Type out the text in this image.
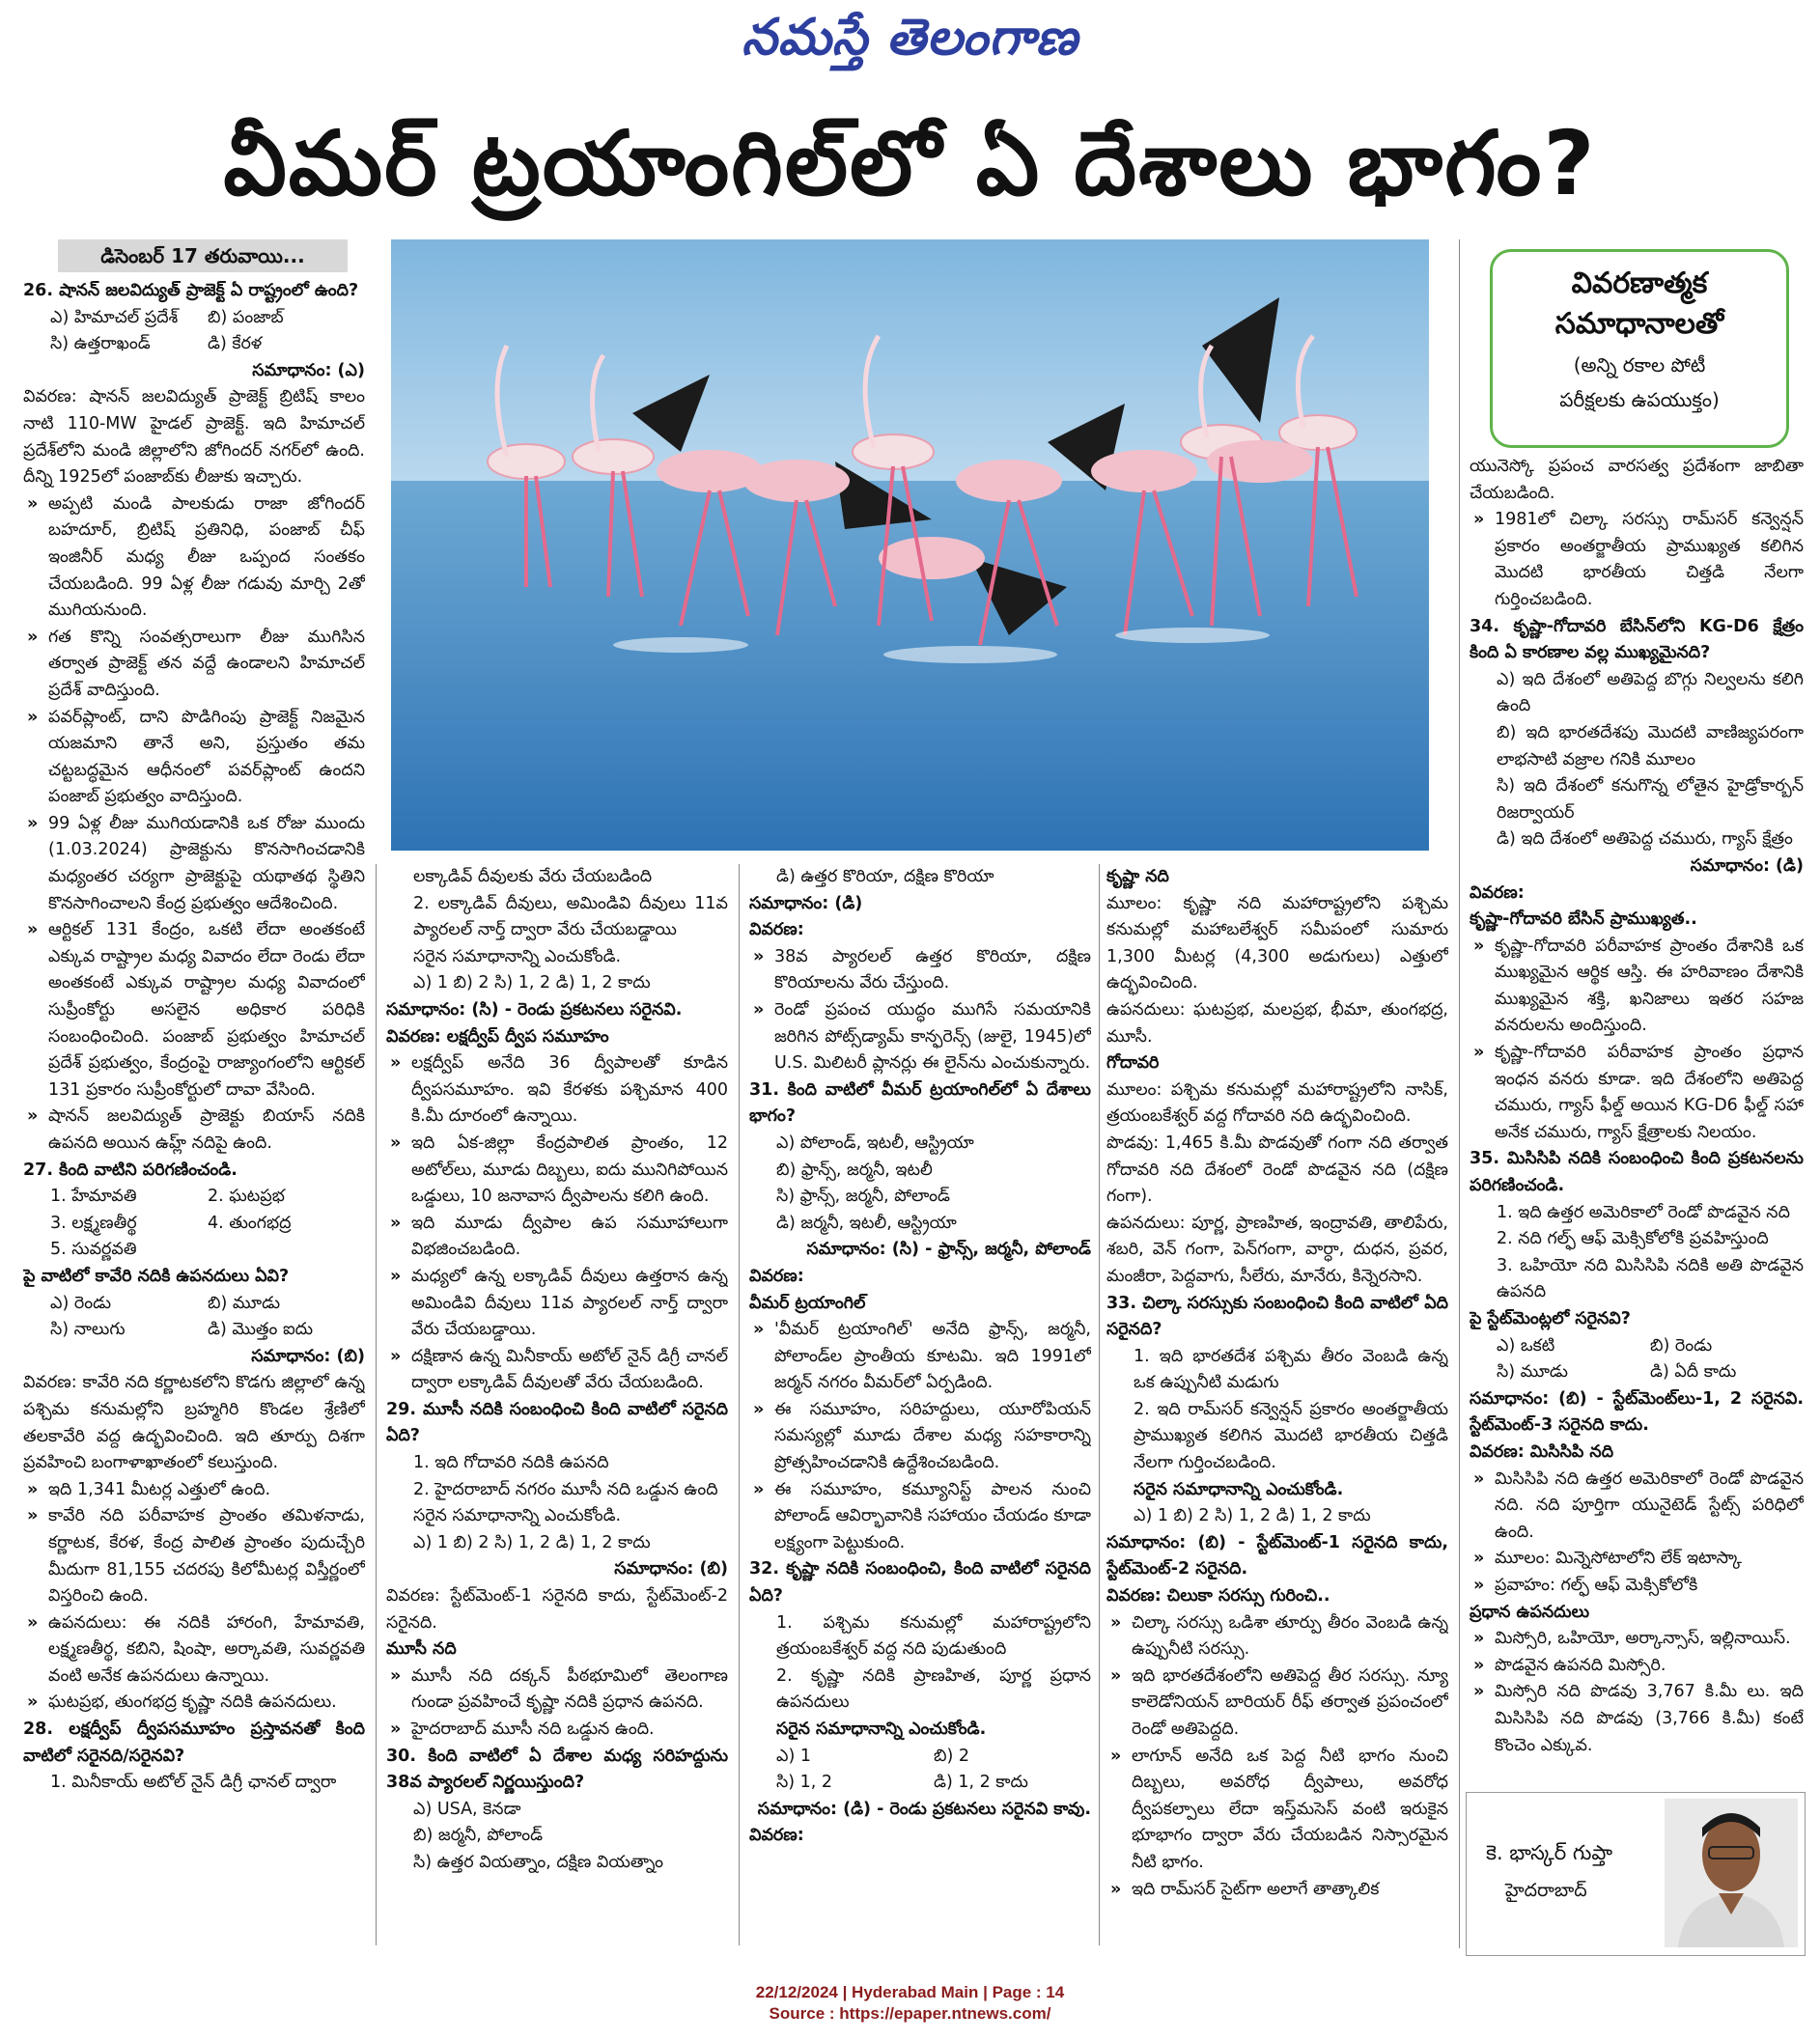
నమస్తే తెలంగాణ
వీమర్ ట్రయాంగిల్‌లో ఏ దేశాలు భాగం?
డిసెంబర్ 17 తరువాయి...

26. షానన్ జలవిద్యుత్ ప్రాజెక్ట్ ఏ రాష్ట్రంలో ఉంది?

ఎ) హిమాచల్ ప్రదేశ్	బి) పంజాబ్
సి) ఉత్తరాఖండ్	డి) కేరళ

సమాధానం: (ఎ)

వివరణ: షానన్ జలవిద్యుత్ ప్రాజెక్ట్ బ్రిటిష్ కాలం నాటి 110-MW హైడల్ ప్రాజెక్ట్. ఇది హిమాచల్ ప్రదేశ్‌లోని మండి జిల్లాలోని జోగిందర్ నగర్‌లో ఉంది. దీన్ని 1925లో పంజాబ్‌కు లీజుకు ఇచ్చారు.

» అప్పటి మండి పాలకుడు రాజా జోగిందర్ బహదూర్, బ్రిటిష్ ప్రతినిధి, పంజాబ్ చీఫ్ ఇంజినీర్ మధ్య లీజు ఒప్పంద సంతకం చేయబడింది. 99 ఏళ్ల లీజు గడువు మార్చి 2తో ముగియనుంది.

» గత కొన్ని సంవత్సరాలుగా లీజు ముగిసిన తర్వాత ప్రాజెక్ట్ తన వద్దే ఉండాలని హిమాచల్ ప్రదేశ్ వాదిస్తుంది.

» పవర్‌ప్లాంట్, దాని పొడిగింపు ప్రాజెక్ట్ నిజమైన యజమాని తానే అని, ప్రస్తుతం తమ చట్టబద్ధమైన ఆధీనంలో పవర్‌ప్లాంట్ ఉందని పంజాబ్ ప్రభుత్వం వాదిస్తుంది.

» 99 ఏళ్ల లీజు ముగియడానికి ఒక రోజు ముందు (1.03.2024) ప్రాజెక్టును కొనసాగించడానికి మధ్యంతర చర్యగా ప్రాజెక్టుపై యథాతథ స్థితిని కొనసాగించాలని కేంద్ర ప్రభుత్వం ఆదేశించింది.

» ఆర్టికల్ 131 కేంద్రం, ఒకటి లేదా అంతకంటే ఎక్కువ రాష్ట్రాల మధ్య వివాదం లేదా రెండు లేదా అంతకంటే ఎక్కువ రాష్ట్రాల మధ్య వివాదంలో సుప్రీంకోర్టు అసలైన అధికార పరిధికి సంబంధించింది. పంజాబ్ ప్రభుత్వం హిమాచల్ ప్రదేశ్ ప్రభుత్వం, కేంద్రంపై రాజ్యాంగంలోని ఆర్టికల్ 131 ప్రకారం సుప్రీంకోర్టులో దావా వేసింది.

» షానన్ జలవిద్యుత్ ప్రాజెక్టు బియాస్ నదికి ఉపనది అయిన ఉహ్ల్ నదిపై ఉంది.

27. కింది వాటిని పరిగణించండి.

1. హేమావతి	2. ఘటప్రభ
3. లక్ష్మణతీర్థ	4. తుంగభద్ర

5. సువర్ణవతి

పై వాటిలో కావేరి నదికి ఉపనదులు ఏవి?

ఎ) రెండు	బి) మూడు
సి) నాలుగు	డి) మొత్తం ఐదు

సమాధానం: (బి)

వివరణ: కావేరి నది కర్ణాటకలోని కొడగు జిల్లాలో ఉన్న పశ్చిమ కనుమల్లోని బ్రహ్మగిరి కొండల శ్రేణిలో తలకావేరి వద్ద ఉద్భవించింది. ఇది తూర్పు దిశగా ప్రవహించి బంగాళాఖాతంలో కలుస్తుంది.

» ఇది 1,341 మీటర్ల ఎత్తులో ఉంది.

» కావేరి నది పరీవాహక ప్రాంతం తమిళనాడు, కర్ణాటక, కేరళ, కేంద్ర పాలిత ప్రాంతం పుదుచ్చేరి మీదుగా 81,155 చదరపు కిలోమీటర్ల విస్తీర్ణంలో విస్తరించి ఉంది.

» ఉపనదులు: ఈ నదికి హారంగి, హేమావతి, లక్ష్మణతీర్థ, కబిని, షింషా, అర్కావతి, సువర్ణవతి వంటి అనేక ఉపనదులు ఉన్నాయి.

» ఘటప్రభ, తుంగభద్ర కృష్ణా నదికి ఉపనదులు.

28. లక్షద్వీప్ ద్వీపసమూహం ప్రస్తావనతో కింది వాటిలో సరైనది/సరైనవి?

1. మినీకాయ్ అటోల్ నైన్ డిగ్రీ ఛానల్ ద్వారా

వివరణాత్మక
సమాధానాలతో
(అన్ని రకాల పోటీ
పరీక్షలకు ఉపయుక్తం)

లక్కాడివ్ దీవులకు వేరు చేయబడింది

2. లక్కాడివ్ దీవులు, అమిండివి దీవులు 11వ ప్యారలల్ నార్త్ ద్వారా వేరు చేయబడ్డాయి

సరైన సమాధానాన్ని ఎంచుకోండి.

ఎ) 1 బి) 2 సి) 1, 2 డి) 1, 2 కాదు

సమాధానం: (సి) - రెండు ప్రకటనలు సరైనవి.

వివరణ: లక్షద్వీప్ ద్వీప సమూహం

» లక్షద్వీప్ అనేది 36 ద్వీపాలతో కూడిన ద్వీపసమూహం. ఇవి కేరళకు పశ్చిమాన 400 కి.మీ దూరంలో ఉన్నాయి.

» ఇది ఏక-జిల్లా కేంద్రపాలిత ప్రాంతం, 12 అటోల్‌లు, మూడు దిబ్బలు, ఐదు మునిగిపోయిన ఒడ్డులు, 10 జనావాస ద్వీపాలను కలిగి ఉంది.

» ఇది మూడు ద్వీపాల ఉప సమూహాలుగా విభజించబడింది.

» మధ్యలో ఉన్న లక్కాడివ్ దీవులు ఉత్తరాన ఉన్న అమిండివి దీవులు 11వ ప్యారలల్ నార్త్ ద్వారా వేరు చేయబడ్డాయి.

» దక్షిణాన ఉన్న మినీకాయ్ అటోల్ నైన్ డిగ్రీ చానల్ ద్వారా లక్కాడివ్ దీవులతో వేరు చేయబడింది.

29. మూసీ నదికి సంబంధించి కింది వాటిలో సరైనది ఏది?

1. ఇది గోదావరి నదికి ఉపనది

2. హైదరాబాద్ నగరం మూసీ నది ఒడ్డున ఉంది

సరైన సమాధానాన్ని ఎంచుకోండి.

ఎ) 1 బి) 2 సి) 1, 2 డి) 1, 2 కాదు

సమాధానం: (బి)

వివరణ: స్టేట్‌మెంట్-1 సరైనది కాదు, స్టేట్‌మెంట్-2 సరైనది.

మూసీ నది

» మూసీ నది దక్కన్ పీఠభూమిలో తెలంగాణ గుండా ప్రవహించే కృష్ణా నదికి ప్రధాన ఉపనది.

» హైదరాబాద్ మూసీ నది ఒడ్డున ఉంది.

30. కింది వాటిలో ఏ దేశాల మధ్య సరిహద్దును 38వ ప్యారలల్ నిర్ణయిస్తుంది?

ఎ) USA, కెనడా

బి) జర్మనీ, పోలాండ్

సి) ఉత్తర వియత్నాం, దక్షిణ వియత్నాం

డి) ఉత్తర కొరియా, దక్షిణ కొరియా

సమాధానం: (డి)

వివరణ:

» 38వ ప్యారలల్ ఉత్తర కొరియా, దక్షిణ కొరియాలను వేరు చేస్తుంది.

» రెండో ప్రపంచ యుద్ధం ముగిసే సమయానికి జరిగిన పోట్స్‌డ్యామ్ కాన్ఫరెన్స్ (జులై, 1945)లో U.S. మిలిటరీ ప్లానర్లు ఈ లైన్‌ను ఎంచుకున్నారు.

31. కింది వాటిలో వీమర్ ట్రయాంగిల్‌లో ఏ దేశాలు భాగం?

ఎ) పోలాండ్, ఇటలీ, ఆస్ట్రియా

బి) ఫ్రాన్స్, జర్మనీ, ఇటలీ

సి) ఫ్రాన్స్, జర్మనీ, పోలాండ్

డి) జర్మనీ, ఇటలీ, ఆస్ట్రియా

సమాధానం: (సి) - ఫ్రాన్స్, జర్మనీ, పోలాండ్

వివరణ:

వీమర్ ట్రయాంగిల్

» 'వీమర్ ట్రయాంగిల్' అనేది ఫ్రాన్స్, జర్మనీ, పోలాండ్‌ల ప్రాంతీయ కూటమి. ఇది 1991లో జర్మన్ నగరం వీమర్‌లో ఏర్పడింది.

» ఈ సమూహం, సరిహద్దులు, యూరోపియన్ సమస్యల్లో మూడు దేశాల మధ్య సహకారాన్ని ప్రోత్సహించడానికి ఉద్దేశించబడింది.

» ఈ సమూహం, కమ్యూనిస్ట్ పాలన నుంచి పోలాండ్ ఆవిర్భావానికి సహాయం చేయడం కూడా లక్ష్యంగా పెట్టుకుంది.

32. కృష్ణా నదికి సంబంధించి, కింది వాటిలో సరైనది ఏది?

1. పశ్చిమ కనుమల్లో మహారాష్ట్రలోని త్రయంబకేశ్వర్ వద్ద నది పుడుతుంది

2. కృష్ణా నదికి ప్రాణహిత, పూర్ణ ప్రధాన ఉపనదులు

సరైన సమాధానాన్ని ఎంచుకోండి.

ఎ) 1	బి) 2
సి) 1, 2	డి) 1, 2 కాదు

సమాధానం: (డి) - రెండు ప్రకటనలు సరైనవి కావు.

వివరణ:

కృష్ణా నది

మూలం: కృష్ణా నది మహారాష్ట్రలోని పశ్చిమ కనుమల్లో మహాబలేశ్వర్ సమీపంలో సుమారు 1,300 మీటర్ల (4,300 అడుగులు) ఎత్తులో ఉద్భవించింది.

ఉపనదులు: ఘటప్రభ, మలప్రభ, భీమా, తుంగభద్ర, మూసీ.

గోదావరి

మూలం: పశ్చిమ కనుమల్లో మహారాష్ట్రలోని నాసిక్, త్రయంబకేశ్వర్ వద్ద గోదావరి నది ఉద్భవించింది.

పొడవు: 1,465 కి.మీ పొడవుతో గంగా నది తర్వాత గోదావరి నది దేశంలో రెండో పొడవైన నది (దక్షిణ గంగా).

ఉపనదులు: పూర్ణ, ప్రాణహిత, ఇంద్రావతి, తాలిపేరు, శబరి, వెన్ గంగా, పెన్‌గంగా, వార్ధా, దుధన, ప్రవర, మంజీరా, పెద్దవాగు, సీలేరు, మానేరు, కిన్నెరసాని.

33. చిల్కా సరస్సుకు సంబంధించి కింది వాటిలో ఏది సరైనది?

1. ఇది భారతదేశ పశ్చిమ తీరం వెంబడి ఉన్న ఒక ఉప్పునీటి మడుగు

2. ఇది రామ్‌సర్ కన్వెన్షన్ ప్రకారం అంతర్జాతీయ ప్రాముఖ్యత కలిగిన మొదటి భారతీయ చిత్తడి నేలగా గుర్తించబడింది.

సరైన సమాధానాన్ని ఎంచుకోండి.

ఎ) 1 బి) 2 సి) 1, 2 డి) 1, 2 కాదు

సమాధానం: (బి) - స్టేట్‌మెంట్-1 సరైనది కాదు, స్టేట్‌మెంట్-2 సరైనది.

వివరణ: చిలుకా సరస్సు గురించి..

» చిల్కా సరస్సు ఒడిశా తూర్పు తీరం వెంబడి ఉన్న ఉప్పునీటి సరస్సు.

» ఇది భారతదేశంలోని అతిపెద్ద తీర సరస్సు. న్యూ కాలెడోనియన్ బారియర్ రీఫ్ తర్వాత ప్రపంచంలో రెండో అతిపెద్దది.

» లాగూన్ అనేది ఒక పెద్ద నీటి భాగం నుంచి దిబ్బలు, అవరోధ ద్వీపాలు, అవరోధ ద్వీపకల్పాలు లేదా ఇస్త్‌మసెస్ వంటి ఇరుకైన భూభాగం ద్వారా వేరు చేయబడిన నిస్సారమైన నీటి భాగం.

» ఇది రామ్‌సర్ సైట్‌గా అలాగే తాత్కాలిక

యునెస్కో ప్రపంచ వారసత్వ ప్రదేశంగా జాబితా చేయబడింది.

» 1981లో చిల్కా సరస్సు రామ్‌సర్ కన్వెన్షన్ ప్రకారం అంతర్జాతీయ ప్రాముఖ్యత కలిగిన మొదటి భారతీయ చిత్తడి నేలగా గుర్తించబడింది.

34. కృష్ణా-గోదావరి బేసిన్‌లోని KG-D6 క్షేత్రం కింది ఏ కారణాల వల్ల ముఖ్యమైనది?

ఎ) ఇది దేశంలో అతిపెద్ద బొగ్గు నిల్వలను కలిగి ఉంది

బి) ఇది భారతదేశపు మొదటి వాణిజ్యపరంగా లాభసాటి వజ్రాల గనికి మూలం

సి) ఇది దేశంలో కనుగొన్న లోతైన హైడ్రోకార్బన్ రిజర్వాయర్

డి) ఇది దేశంలో అతిపెద్ద చమురు, గ్యాస్ క్షేత్రం

సమాధానం: (డి)

వివరణ:

కృష్ణా-గోదావరి బేసిన్ ప్రాముఖ్యత..

» కృష్ణా-గోదావరి పరీవాహక ప్రాంతం దేశానికి ఒక ముఖ్యమైన ఆర్థిక ఆస్తి. ఈ హరివాణం దేశానికి ముఖ్యమైన శక్తి, ఖనిజాలు ఇతర సహజ వనరులను అందిస్తుంది.

» కృష్ణా-గోదావరి పరీవాహక ప్రాంతం ప్రధాన ఇంధన వనరు కూడా. ఇది దేశంలోని అతిపెద్ద చమురు, గ్యాస్ ఫీల్డ్ అయిన KG-D6 ఫీల్డ్‌ సహా అనేక చమురు, గ్యాస్ క్షేత్రాలకు నిలయం.

35. మిసిసిపి నదికి సంబంధించి కింది ప్రకటనలను పరిగణించండి.

1. ఇది ఉత్తర అమెరికాలో రెండో పొడవైన నది

2. నది గల్ఫ్ ఆఫ్ మెక్సికోలోకి ప్రవహిస్తుంది

3. ఒహియో నది మిసిసిపి నదికి అతి పొడవైన ఉపనది

పై స్టేట్‌మెంట్లలో సరైనవి?

ఎ) ఒకటి	బి) రెండు
సి) మూడు	డి) ఏదీ కాదు

సమాధానం: (బి) - స్టేట్‌మెంట్‌లు-1, 2 సరైనవి. స్టేట్‌మెంట్-3 సరైనది కాదు.

వివరణ: మిసిసిపి నది

» మిసిసిపి నది ఉత్తర అమెరికాలో రెండో పొడవైన నది. నది పూర్తిగా యునైటెడ్ స్టేట్స్ పరిధిలో ఉంది.

» మూలం: మిన్నెసోటాలోని లేక్ ఇటాస్కా

» ప్రవాహం: గల్ఫ్ ఆఫ్ మెక్సికోలోకి

ప్రధాన ఉపనదులు

» మిస్సోరి, ఒహియో, అర్కాన్సాస్, ఇల్లినాయిస్.

» పొడవైన ఉపనది మిస్సోరి.

» మిస్సోరి నది పొడవు 3,767 కి.మీ లు. ఇది మిసిసిపి నది పొడవు (3,766 కి.మీ) కంటే కొంచెం ఎక్కువ.

కె. భాస్కర్ గుప్తా
హైదరాబాద్
22/12/2024 | Hyderabad Main | Page : 14
Source : https://epaper.ntnews.com/
